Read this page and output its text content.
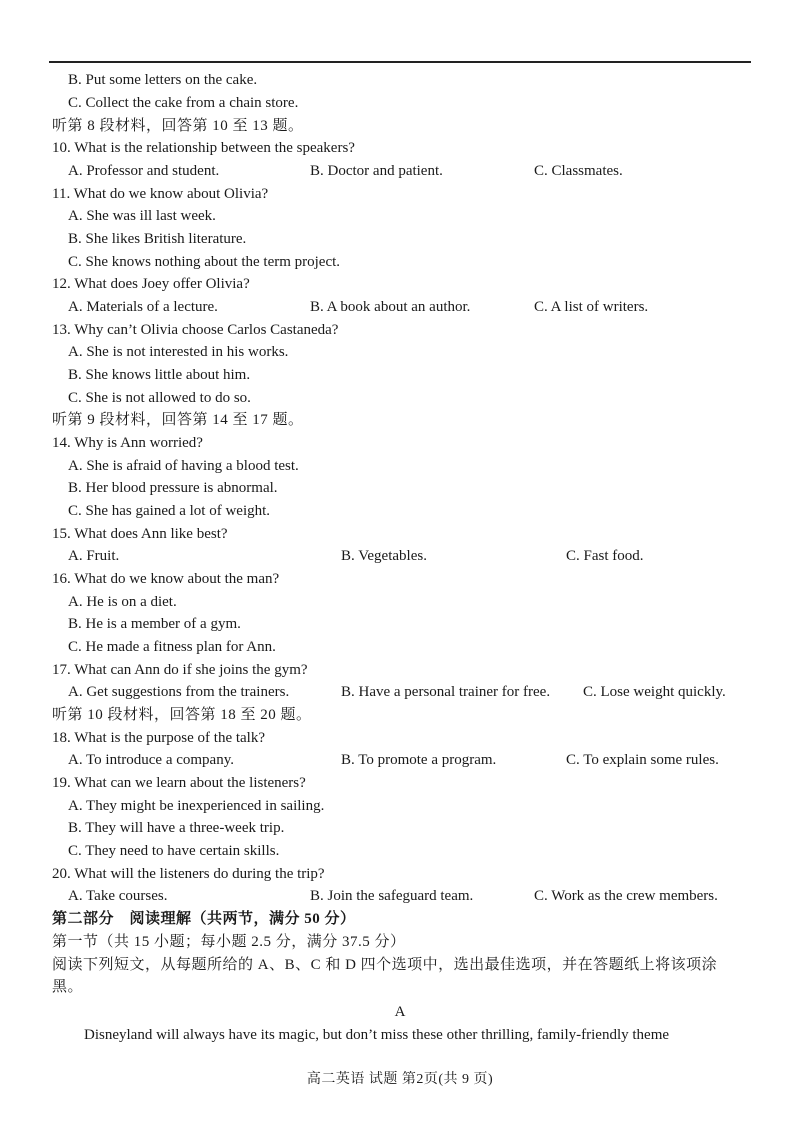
B. Put some letters on the cake.
C. Collect the cake from a chain store.
听第 8 段材料，回答第 10 至 13 题。
10. What is the relationship between the speakers?
A. Professor and student.	B. Doctor and patient.	C. Classmates.
11. What do we know about Olivia?
A. She was ill last week.
B. She likes British literature.
C. She knows nothing about the term project.
12. What does Joey offer Olivia?
A. Materials of a lecture.	B. A book about an author.	C. A list of writers.
13. Why can’t Olivia choose Carlos Castaneda?
A. She is not interested in his works.
B. She knows little about him.
C. She is not allowed to do so.
听第 9 段材料，回答第 14 至 17 题。
14. Why is Ann worried?
A. She is afraid of having a blood test.
B. Her blood pressure is abnormal.
C. She has gained a lot of weight.
15. What does Ann like best?
A. Fruit.	B. Vegetables.	C. Fast food.
16. What do we know about the man?
A. He is on a diet.
B. He is a member of a gym.
C. He made a fitness plan for Ann.
17. What can Ann do if she joins the gym?
A. Get suggestions from the trainers.	B. Have a personal trainer for free. C. Lose weight quickly.
听第 10 段材料，回答第 18 至 20 题。
18. What is the purpose of the talk?
A. To introduce a company.	B. To promote a program.	C. To explain some rules.
19. What can we learn about the listeners?
A. They might be inexperienced in sailing.
B. They will have a three-week trip.
C. They need to have certain skills.
20. What will the listeners do during the trip?
A. Take courses.	B. Join the safeguard team.	C. Work as the crew members.
第二部分　阅读理解（共两节，满分 50 分）
第一节（共 15 小题；每小题 2.5 分，满分 37.5 分）
阅读下列短文，从每题所给的 A、B、C 和 D 四个选项中，选出最佳选项，并在答题纸上将该项涂
黑。
A
Disneyland will always have its magic, but don’t miss these other thrilling, family-friendly theme
高二英语 试题 第2页(共 9 页)
